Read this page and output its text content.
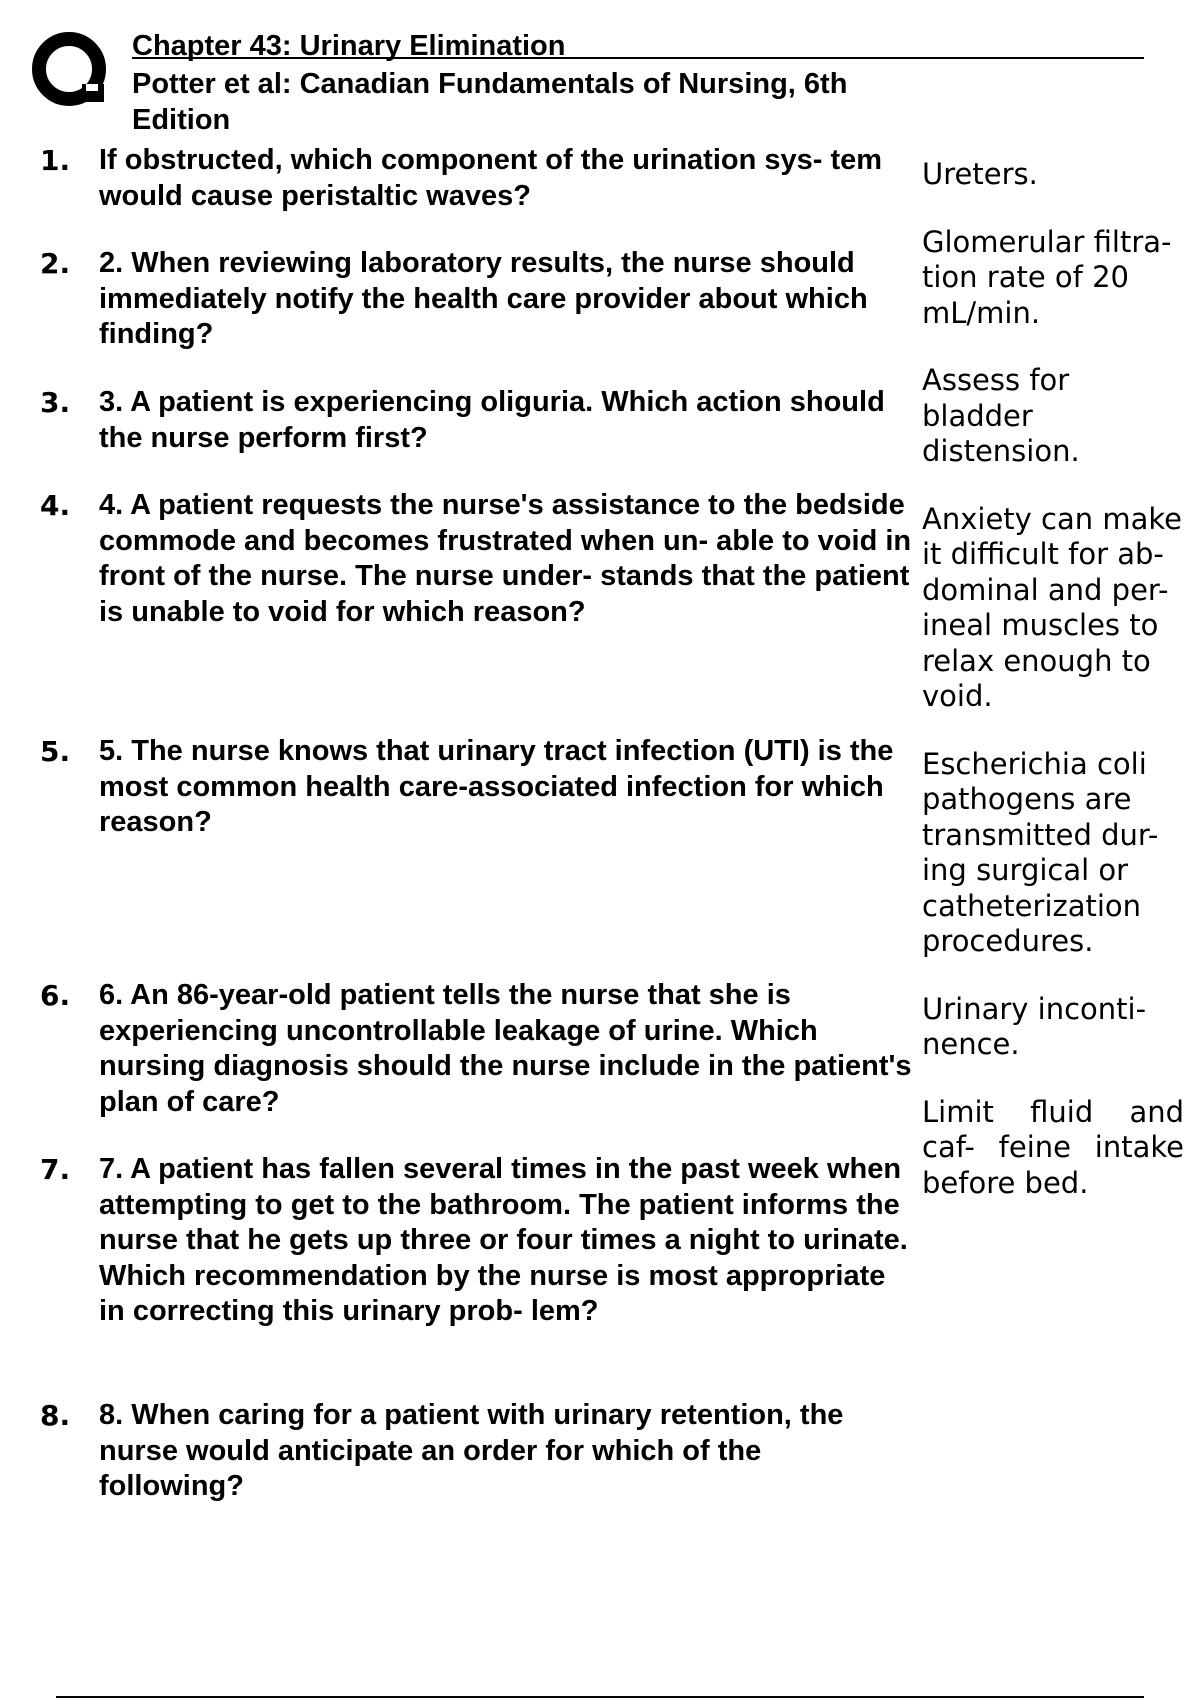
Chapter 43: Urinary Elimination
Potter et al: Canadian Fundamentals of Nursing, 6th Edition
1. If obstructed, which component of the urination sys- tem would cause peristaltic waves?
2. 2. When reviewing laboratory results, the nurse should immediately notify the health care provider about which finding?
3. 3. A patient is experiencing oliguria. Which action should the nurse perform first?
4. 4. A patient requests the nurse's assistance to the bedside commode and becomes frustrated when un- able to void in front of the nurse. The nurse under- stands that the patient is unable to void for which reason?
5. 5. The nurse knows that urinary tract infection (UTI) is the most common health care-associated infection for which reason?
6. 6. An 86-year-old patient tells the nurse that she is experiencing uncontrollable leakage of urine. Which nursing diagnosis should the nurse include in the patient's plan of care?
7. 7. A patient has fallen several times in the past week when attempting to get to the bathroom. The patient informs the nurse that he gets up three or four times a night to urinate. Which recommendation by the nurse is most appropriate in correcting this urinary prob- lem?
8. 8. When caring for a patient with urinary retention, the nurse would anticipate an order for which of the following?

Ureters.

Glomerular filtra- tion rate of 20 mL/min.

Assess for bladder distension.

Anxiety can make it difficult for ab- dominal and per- ineal muscles to relax enough to void.

Escherichia coli pathogens are transmitted dur- ing surgical or catheterization procedures.

Urinary inconti- nence.

Limit fluid and caf- feine intake before bed.
